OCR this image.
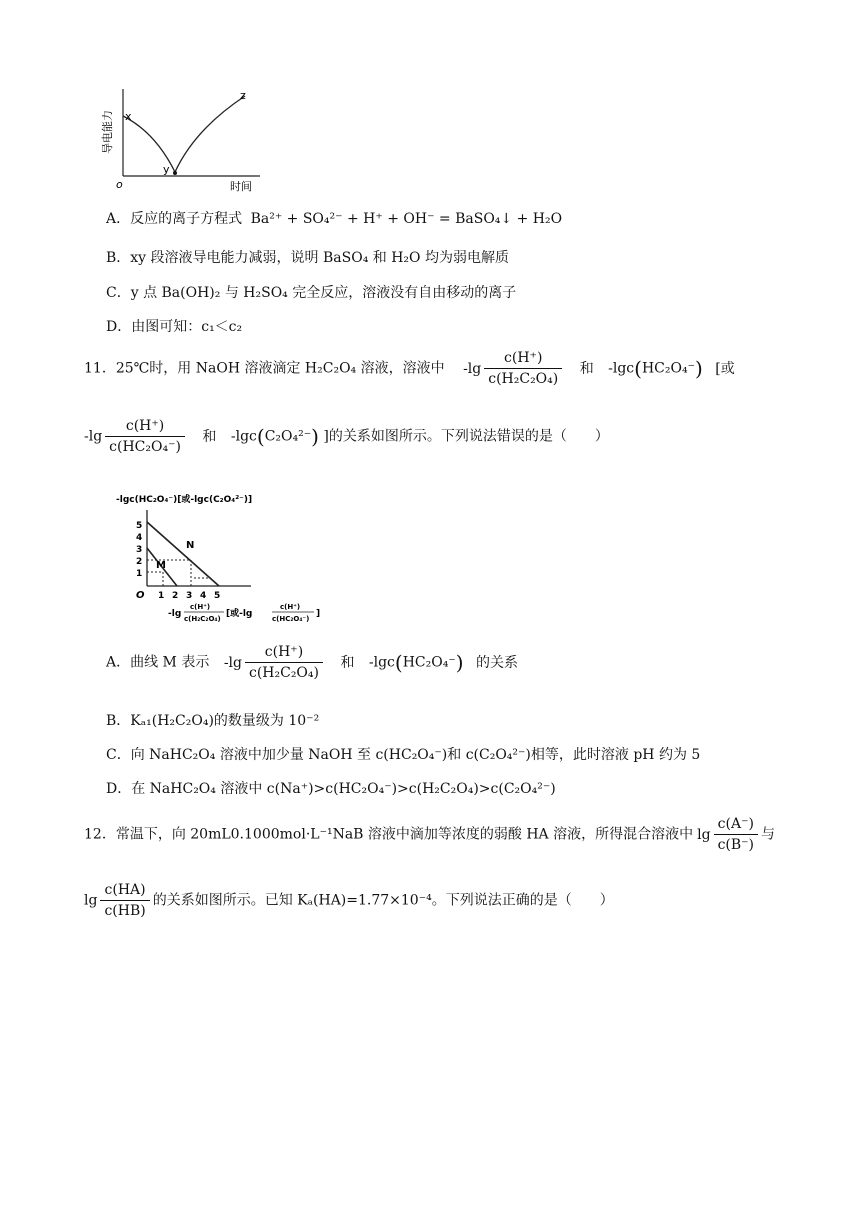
导电能力 x
y
z
o	时间
A．反应的离子方程式 Ba²⁺ + SO₄²⁻ + H⁺ + OH⁻ = BaSO₄↓ + H₂O
B．xy 段溶液导电能力减弱，说明 BaSO₄ 和 H₂O 均为弱电解质
C．y 点 Ba(OH)₂ 与 H₂SO₄ 完全反应，溶液没有自由移动的离子
D．由图可知：c₁＜c₂
11．25℃时，用 NaOH 溶液滴定 H₂C₂O₄ 溶液，溶液中 $-\lg \frac{c(H^+)}{\text{c(H₂C₂O₄)}}$ 和 -lgc(HC₂O₄⁻) [或
$-\lg \frac{c(H^+)}{\text{c(HC₂O₄⁻)}}$ 和 -lgc(C₂O₄²⁻) ]的关系如图所示。下列说法错误的是（　　）
-lgc(HC₂O₄⁻)[或-lgc(C₂O₄²⁻)]
5
4
3
2
1
O 1 2 3 4 5
M
N
-lg
c(H⁺)
c(H₂C₂O₄) [或-lg
c(H⁺)
c(HC₂O₄⁻) ]
A．曲线 M 表示 $-\lg \frac{c(H^+)}{\text{c(H₂C₂O₄)}}$ 和 -lgc(HC₂O₄⁻) 的关系
B．Kₐ₁(H₂C₂O₄)的数量级为 10⁻²
C．向 NaHC₂O₄ 溶液中加少量 NaOH 至 c(HC₂O₄⁻)和 c(C₂O₄²⁻)相等，此时溶液 pH 约为 5
D．在 NaHC₂O₄ 溶液中 c(Na⁺)>c(HC₂O₄⁻)>c(H₂C₂O₄)>c(C₂O₄²⁻)
12．常温下，向 20mL0.1000mol·L⁻¹NaB 溶液中滴加等浓度的弱酸 HA 溶液，所得混合溶液中 $\lg \frac{c(A^-)}{c(B^-)}$ 与
$\lg \frac{c(HA)}{c(HB)}$ 的关系如图所示。已知 Kₐ(HA)=1.77×10⁻⁴。下列说法正确的是（　　）
